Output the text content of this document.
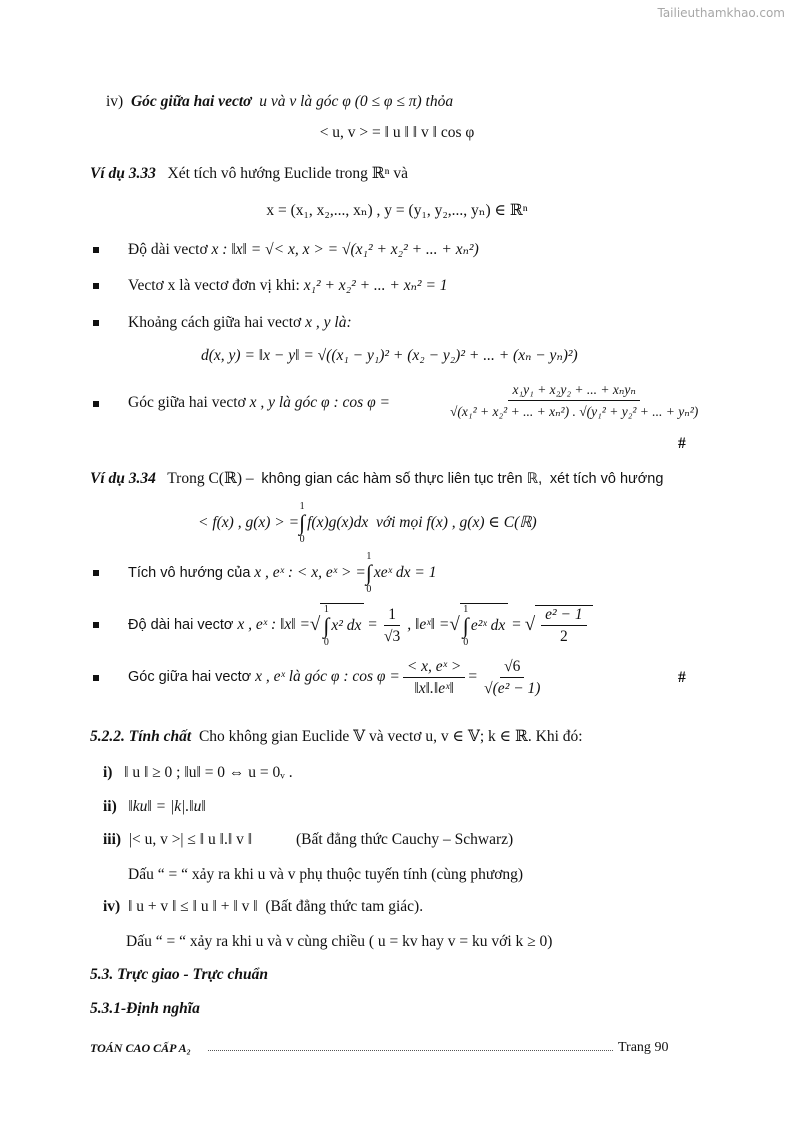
Tailieuthamkhao.com
iv) Góc giữa hai vectơ u và v là góc φ (0 ≤ φ ≤ π) thỏa
< u, v > = ‖ u ‖ ‖ v ‖ cos φ
Ví dụ 3.33 Xét tích vô hướng Euclide trong ℝⁿ và
x = (x₁, x₂,..., xₙ) , y = (y₁, y₂,..., yₙ) ∈ ℝⁿ
Độ dài vectơ x : ‖x‖ = √< x, x > = √(x₁² + x₂² + ... + xₙ²)
Vectơ x là vectơ đơn vị khi: x₁² + x₂² + ... + xₙ² = 1
Khoảng cách giữa hai vectơ x , y là:
d(x, y) = ‖x − y‖ = √((x₁ − y₁)² + (x₂ − y₂)² + ... + (xₙ − yₙ)²)
Góc giữa hai vectơ x , y là góc φ : cos φ =	$\frac{\text{x₁y₁ + x₂y₂ + ... + xₙyₙ}}{\text{√(x₁² + x₂² + ... + xₙ²) . √(y₁² + y₂² + ... + yₙ²)}}$
#
Ví dụ 3.34 Trong C(ℝ) – không gian các hàm số thực liên tục trên ℝ, xét tích vô hướng
< f(x) , g(x) > =
1
∫
0
f(x)g(x)dx
với mọi f(x) , g(x) ∈ C(ℝ)
Tích vô hướng của
x , eˣ : < x, eˣ > =
1
∫
0
xeˣ dx = 1
Độ dài hai vectơ
x , eˣ : ‖x‖ = √
1
∫
0
x² dx
= $\frac{1}{√3}$ , ‖eˣ‖ = √
1
∫
0
e²ˣ dx
=
√ $\frac{\text{e² − 1}}{2}$
Góc giữa hai vectơ
x , eˣ là góc φ : $\cos \varphi = \frac{\text{< x, eˣ >}}{\text{‖x‖.‖eˣ‖}} = \frac{√6}{\text{√(e² − 1)}}$	#
5.2.2. Tính chất Cho không gian Euclide 𝕍 và vectơ u, v ∈ 𝕍; k ∈ ℝ. Khi đó:
i) ‖ u ‖ ≥ 0 ; ‖u‖ = 0 ⇔ u = 0ᵥ .
ii) ‖ku‖ = |k|.‖u‖
iii) |< u, v >| ≤ ‖ u ‖.‖ v ‖	(Bất đẳng thức Cauchy – Schwarz)
Dấu “ = “ xảy ra khi u và v phụ thuộc tuyến tính (cùng phương)
iv) ‖ u + v ‖ ≤ ‖ u ‖ + ‖ v ‖ (Bất đẳng thức tam giác).
Dấu “ = “ xảy ra khi u và v cùng chiều ( u = kv hay v = ku với k ≥ 0)
5.3. Trực giao - Trực chuẩn
5.3.1-Định nghĩa
TOÁN CAO CẤP A₂	Trang 90
